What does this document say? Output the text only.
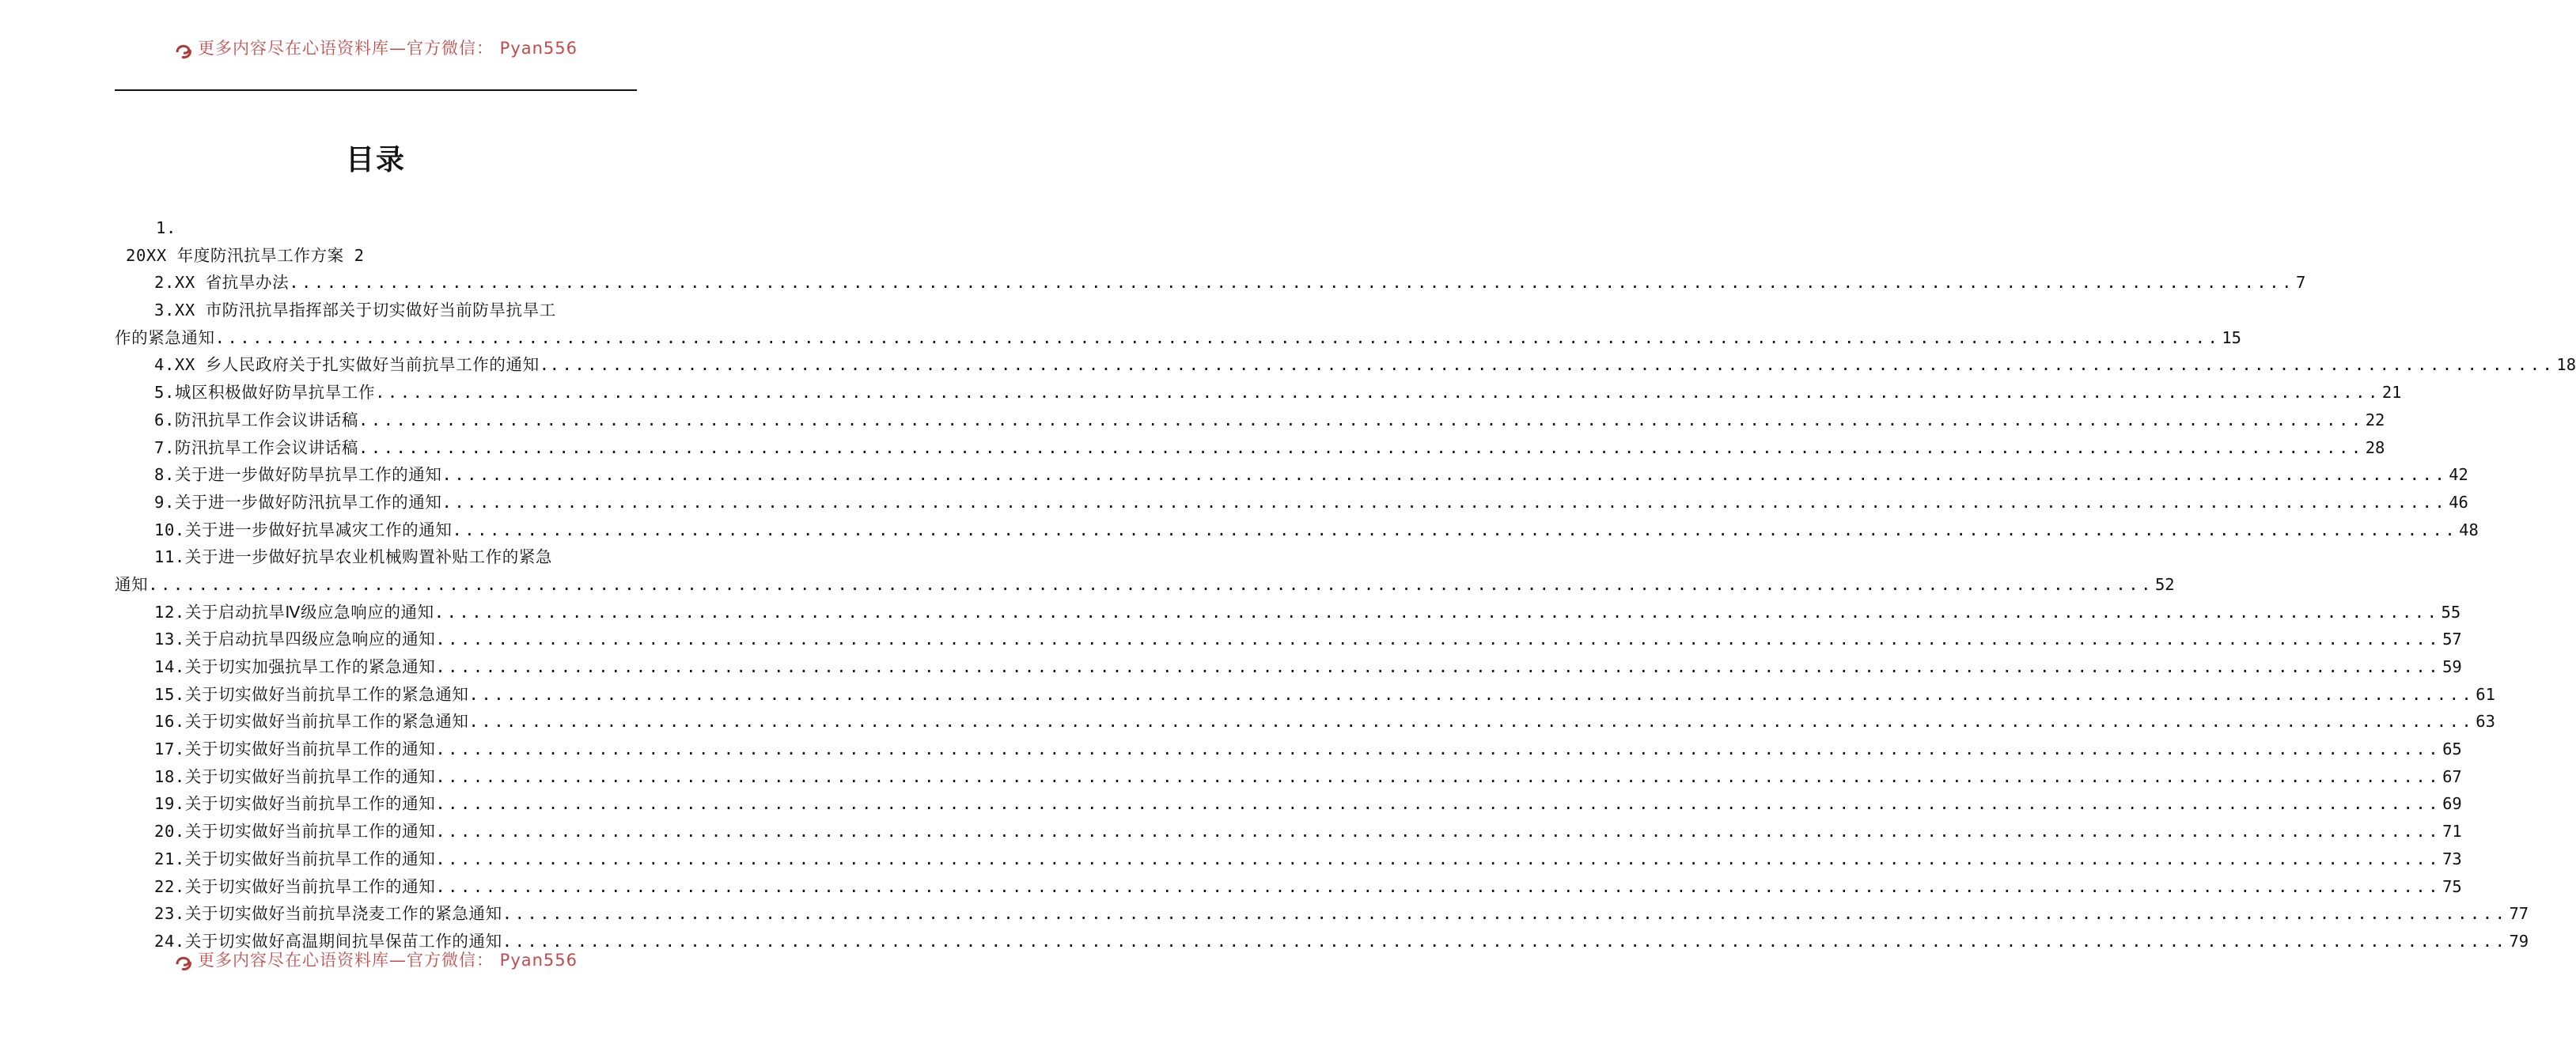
更多内容尽在心语资料库—官方微信： Pyan556
目录
1.
20XX 年度防汛抗旱工作方案 2
2.XX 省抗旱办法 ................................................................................................................................................................ 7
3.XX 市防汛抗旱指挥部关于切实做好当前防旱抗旱工
作的紧急通知 ................................................................................................................................................................ 15
4.XX 乡人民政府关于扎实做好当前抗旱工作的通知. ................................................................................................................................................................ 18
5.城区积极做好防旱抗旱工作 ................................................................................................................................................................ 21
6.防汛抗旱工作会议讲话稿 ................................................................................................................................................................ 22
7.防汛抗旱工作会议讲话稿 ................................................................................................................................................................ 28
8.关于进一步做好防旱抗旱工作的通知 ................................................................................................................................................................ 42
9.关于进一步做好防汛抗旱工作的通知 ................................................................................................................................................................ 46
10.关于进一步做好抗旱减灾工作的通知 ................................................................................................................................................................ 48
11.关于进一步做好抗旱农业机械购置补贴工作的紧急
通知 ................................................................................................................................................................ 52
12.关于启动抗旱Ⅳ级应急响应的通知 ................................................................................................................................................................ 55
13.关于启动抗旱四级应急响应的通知 ................................................................................................................................................................ 57
14.关于切实加强抗旱工作的紧急通知 ................................................................................................................................................................ 59
15.关于切实做好当前抗旱工作的紧急通知 ................................................................................................................................................................ 61
16.关于切实做好当前抗旱工作的紧急通知 ................................................................................................................................................................ 63
17.关于切实做好当前抗旱工作的通知 ................................................................................................................................................................ 65
18.关于切实做好当前抗旱工作的通知 ................................................................................................................................................................ 67
19.关于切实做好当前抗旱工作的通知 ................................................................................................................................................................ 69
20.关于切实做好当前抗旱工作的通知 ................................................................................................................................................................ 71
21.关于切实做好当前抗旱工作的通知 ................................................................................................................................................................ 73
22.关于切实做好当前抗旱工作的通知 ................................................................................................................................................................ 75
23.关于切实做好当前抗旱浇麦工作的紧急通知 ................................................................................................................................................................ 77
24.关于切实做好高温期间抗旱保苗工作的通知 ................................................................................................................................................................ 79
更多内容尽在心语资料库—官方微信： Pyan556
